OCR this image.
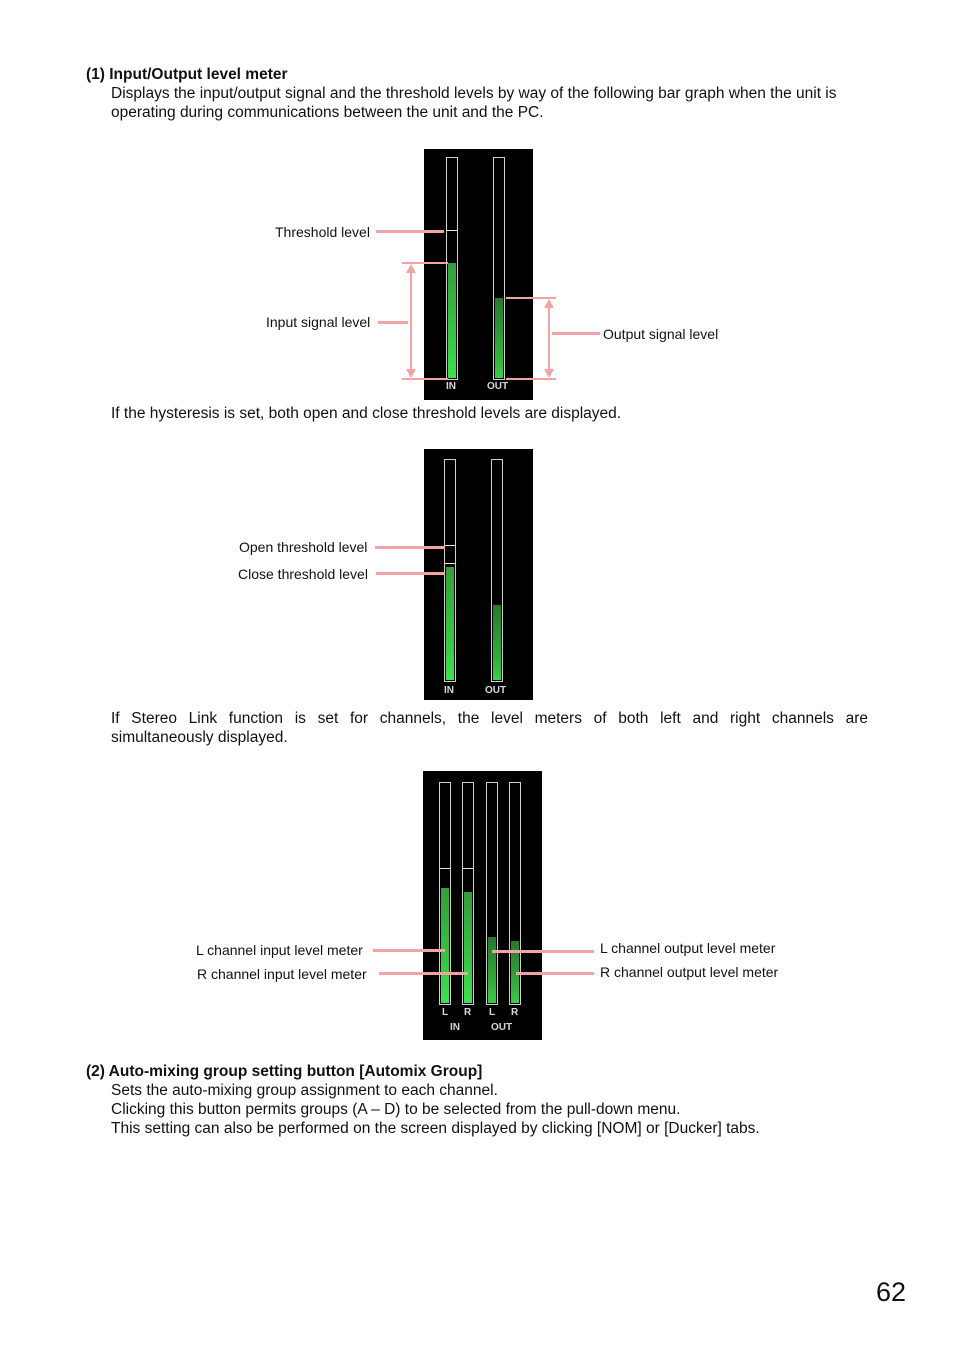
(1) Input/Output level meter
Displays the input/output signal and the threshold levels by way of the following bar graph when the unit is
operating during communications between the unit and the PC.
IN	OUT
Threshold level
Input signal level
Output signal level
If the hysteresis is set, both open and close threshold levels are displayed.
IN	OUT
Open threshold level
Close threshold level
If Stereo Link function is set for channels, the level meters of both left and right channels are
simultaneously displayed.
L R L R
IN	OUT
L channel input level meter
R channel input level meter
L channel output level meter
R channel output level meter
(2) Auto-mixing group setting button [Automix Group]
Sets the auto-mixing group assignment to each channel.
Clicking this button permits groups (A – D) to be selected from the pull-down menu.
This setting can also be performed on the screen displayed by clicking [NOM] or [Ducker] tabs.
62
